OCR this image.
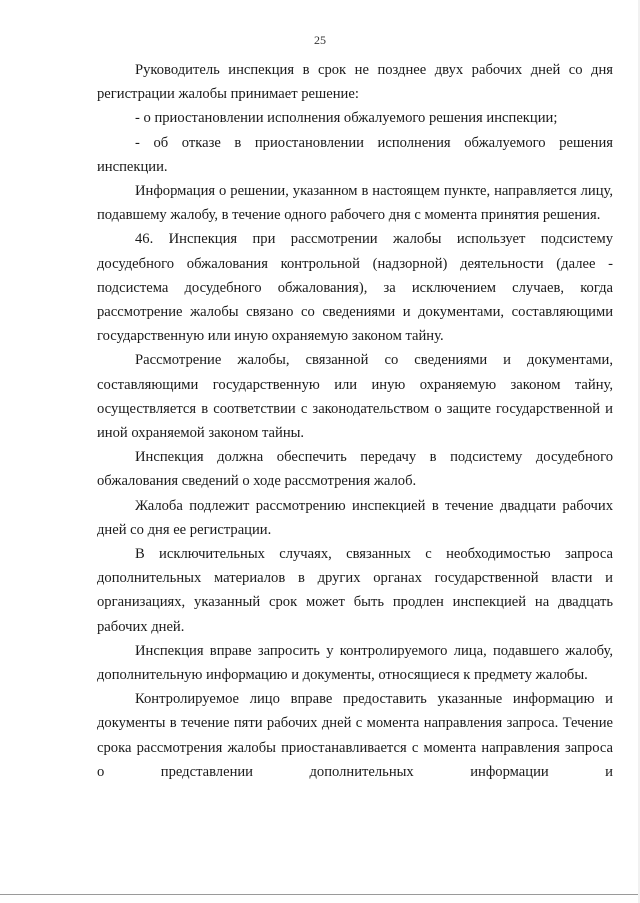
25

Руководитель инспекция в срок не позднее двух рабочих дней со дня регистрации жалобы принимает решение:

- о приостановлении исполнения обжалуемого решения инспекции;

- об отказе в приостановлении исполнения обжалуемого решения инспекции.

Информация о решении, указанном в настоящем пункте, направляется лицу, подавшему жалобу, в течение одного рабочего дня с момента принятия решения.

46. Инспекция при рассмотрении жалобы использует подсистему досудебного обжалования контрольной (надзорной) деятельности (далее - подсистема досудебного обжалования), за исключением случаев, когда рассмотрение жалобы связано со сведениями и документами, составляющими государственную или иную охраняемую законом тайну.

Рассмотрение жалобы, связанной со сведениями и документами, составляющими государственную или иную охраняемую законом тайну, осуществляется в соответствии с законодательством о защите государственной и иной охраняемой законом тайны.

Инспекция должна обеспечить передачу в подсистему досудебного обжалования сведений о ходе рассмотрения жалоб.

Жалоба подлежит рассмотрению инспекцией в течение двадцати рабочих дней со дня ее регистрации.

В исключительных случаях, связанных с необходимостью запроса дополнительных материалов в других органах государственной власти и организациях, указанный срок может быть продлен инспекцией на двадцать рабочих дней.

Инспекция вправе запросить у контролируемого лица, подавшего жалобу, дополнительную информацию и документы, относящиеся к предмету жалобы.

Контролируемое лицо вправе предоставить указанные информацию и документы в течение пяти рабочих дней с момента направления запроса. Течение срока рассмотрения жалобы приостанавливается с момента направления запроса о представлении дополнительных информации и
